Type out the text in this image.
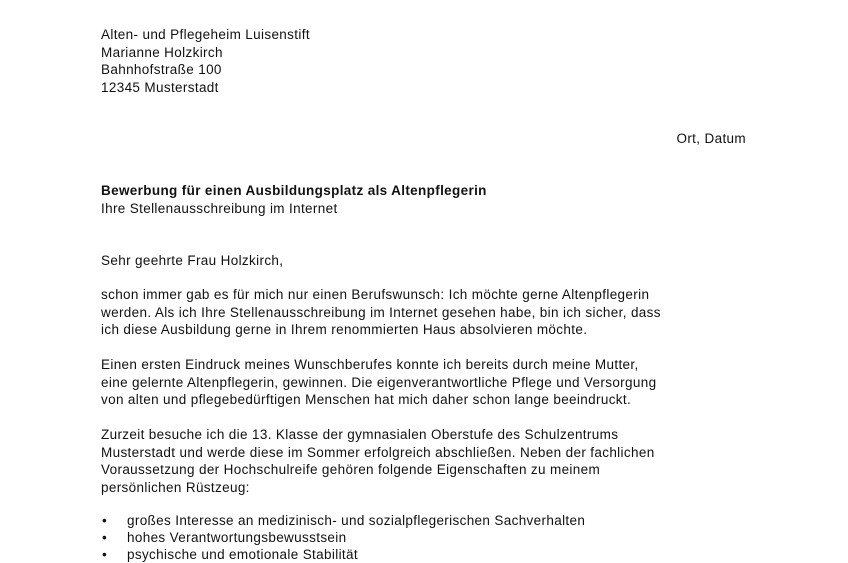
Alten- und Pflegeheim Luisenstift
Marianne Holzkirch
Bahnhofstraße 100
12345 Musterstadt
Ort, Datum
Bewerbung für einen Ausbildungsplatz als Altenpflegerin
Ihre Stellenausschreibung im Internet
Sehr geehrte Frau Holzkirch,
schon immer gab es für mich nur einen Berufswunsch: Ich möchte gerne Altenpflegerin
werden. Als ich Ihre Stellenausschreibung im Internet gesehen habe, bin ich sicher, dass
ich diese Ausbildung gerne in Ihrem renommierten Haus absolvieren möchte.
Einen ersten Eindruck meines Wunschberufes konnte ich bereits durch meine Mutter,
eine gelernte Altenpflegerin, gewinnen. Die eigenverantwortliche Pflege und Versorgung
von alten und pflegebedürftigen Menschen hat mich daher schon lange beeindruckt.
Zurzeit besuche ich die 13. Klasse der gymnasialen Oberstufe des Schulzentrums
Musterstadt und werde diese im Sommer erfolgreich abschließen. Neben der fachlichen
Voraussetzung der Hochschulreife gehören folgende Eigenschaften zu meinem
persönlichen Rüstzeug:
• großes Interesse an medizinisch- und sozialpflegerischen Sachverhalten
• hohes Verantwortungsbewusstsein
• psychische und emotionale Stabilität
